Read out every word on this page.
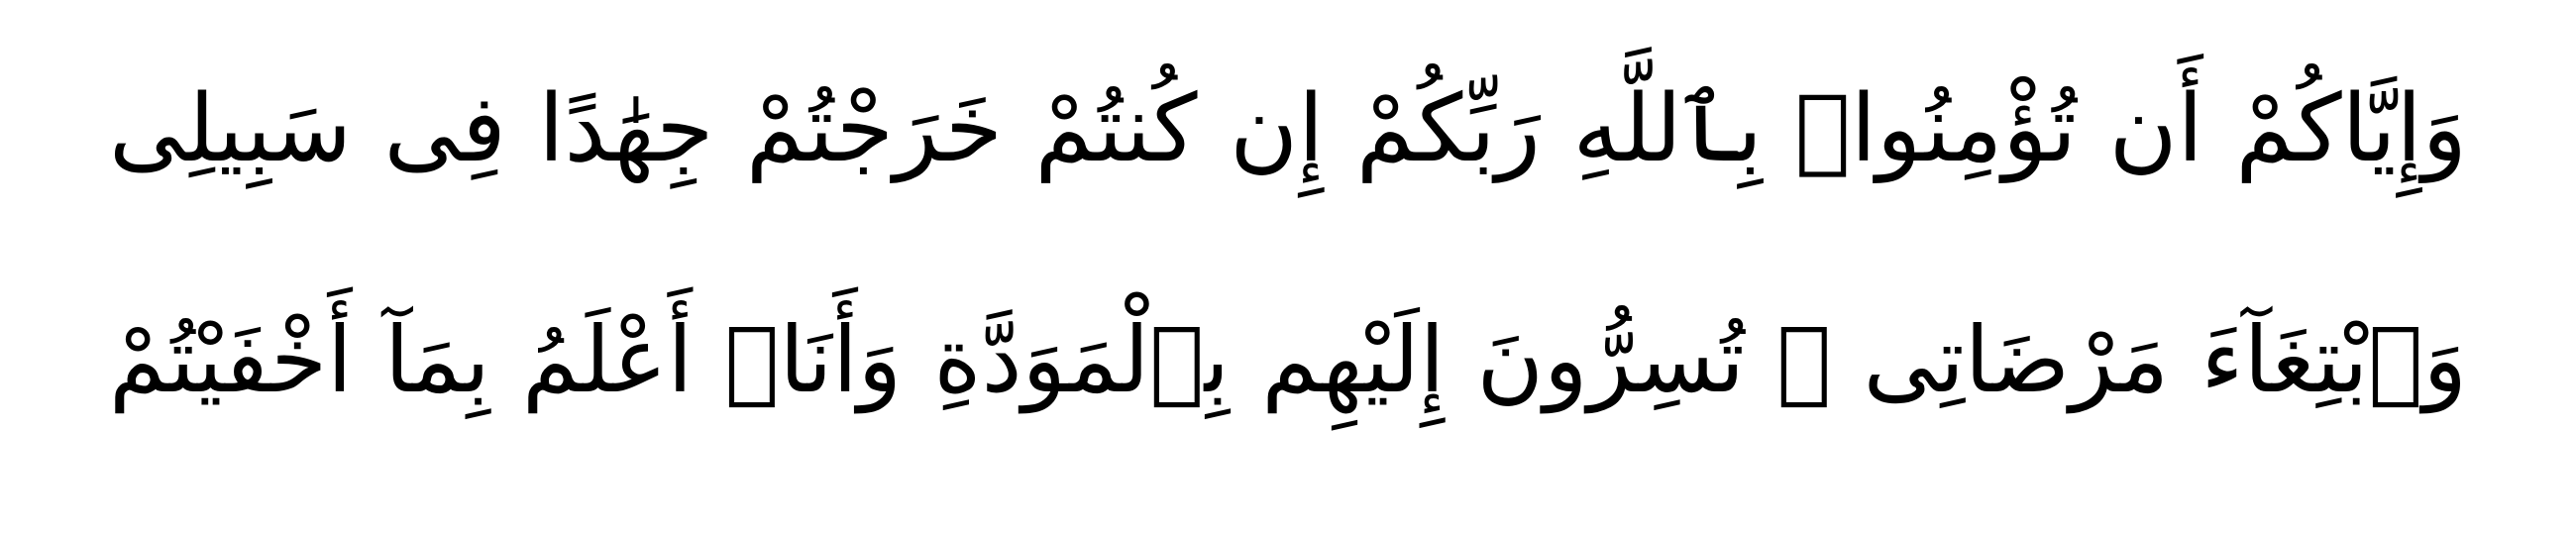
وَإِيَّاكُمْ أَن تُؤْمِنُوا۟ بِٱللَّهِ رَبِّكُمْ إِن كُنتُمْ خَرَجْتُمْ جِهَٰدًا فِى سَبِيلِى
وَٱبْتِغَآءَ مَرْضَاتِى ۚ تُسِرُّونَ إِلَيْهِم بِٱلْمَوَدَّةِ وَأَنَا۠ أَعْلَمُ بِمَآ أَخْفَيْتُمْ
